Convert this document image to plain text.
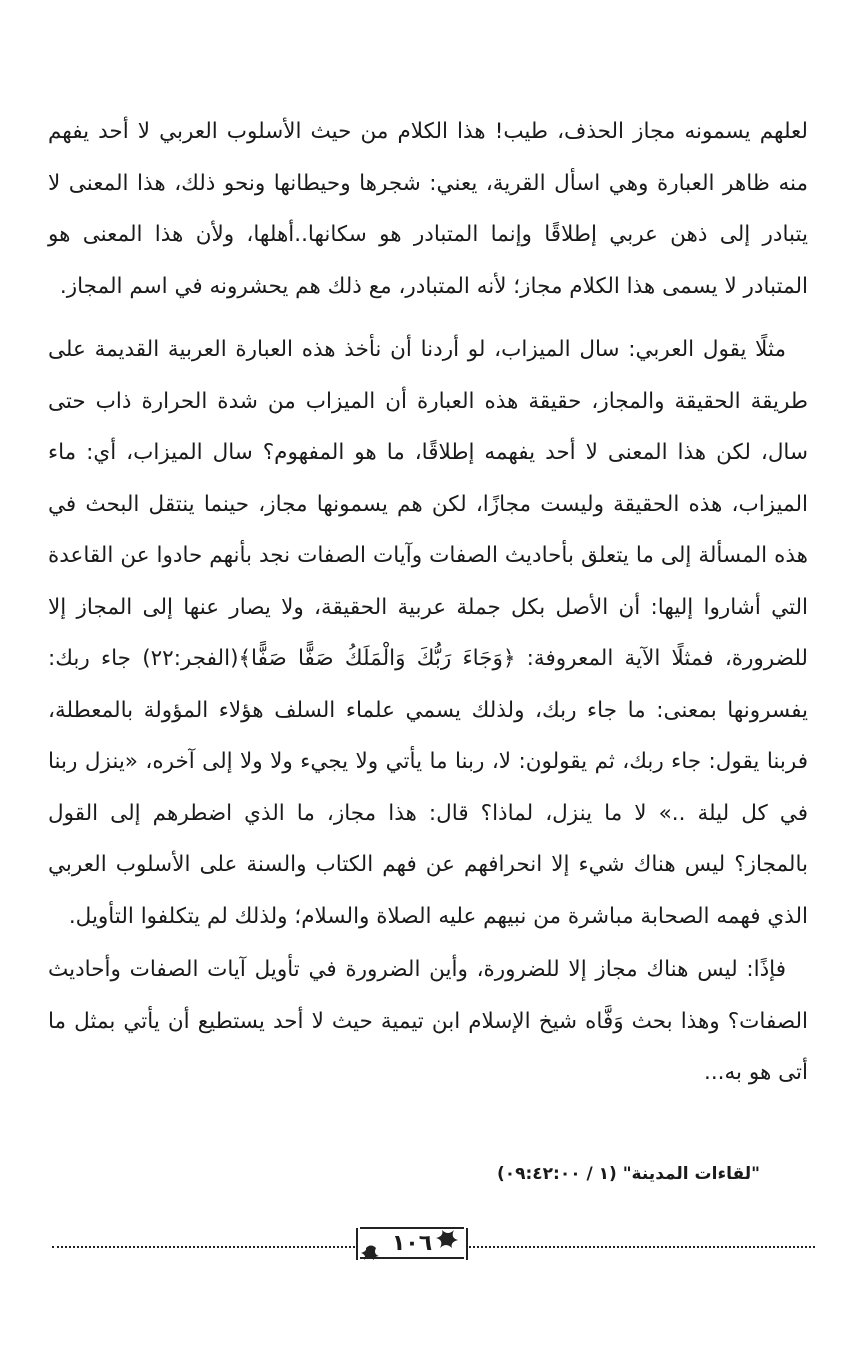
لعلهم يسمونه مجاز الحذف، طيب! هذا الكلام من حيث الأسلوب العربي لا أحد يفهم منه ظاهر العبارة وهي اسأل القرية، يعني: شجرها وحيطانها ونحو ذلك، هذا المعنى لا يتبادر إلى ذهن عربي إطلاقًا وإنما المتبادر هو سكانها..أهلها، ولأن هذا المعنى هو المتبادر لا يسمى هذا الكلام مجاز؛ لأنه المتبادر، مع ذلك هم يحشرونه في اسم المجاز.

مثلًا يقول العربي: سال الميزاب، لو أردنا أن نأخذ هذه العبارة العربية القديمة على طريقة الحقيقة والمجاز، حقيقة هذه العبارة أن الميزاب من شدة الحرارة ذاب حتى سال، لكن هذا المعنى لا أحد يفهمه إطلاقًا، ما هو المفهوم؟ سال الميزاب، أي: ماء الميزاب، هذه الحقيقة وليست مجازًا، لكن هم يسمونها مجاز، حينما ينتقل البحث في هذه المسألة إلى ما يتعلق بأحاديث الصفات وآيات الصفات نجد بأنهم حادوا عن القاعدة التي أشاروا إليها: أن الأصل بكل جملة عربية الحقيقة، ولا يصار عنها إلى المجاز إلا للضرورة، فمثلًا الآية المعروفة: ﴿وَجَاءَ رَبُّكَ وَالْمَلَكُ صَفًّا صَفًّا﴾(الفجر:٢٢) جاء ربك: يفسرونها بمعنى: ما جاء ربك، ولذلك يسمي علماء السلف هؤلاء المؤولة بالمعطلة، فربنا يقول: جاء ربك، ثم يقولون: لا، ربنا ما يأتي ولا يجيء ولا ولا إلى آخره، «ينزل ربنا في كل ليلة ..» لا ما ينزل، لماذا؟ قال: هذا مجاز، ما الذي اضطرهم إلى القول بالمجاز؟ ليس هناك شيء إلا انحرافهم عن فهم الكتاب والسنة على الأسلوب العربي الذي فهمه الصحابة مباشرة من نبيهم عليه الصلاة والسلام؛ ولذلك لم يتكلفوا التأويل.

فإذًا: ليس هناك مجاز إلا للضرورة، وأين الضرورة في تأويل آيات الصفات وأحاديث الصفات؟ وهذا بحث وَفَّاه شيخ الإسلام ابن تيمية حيث لا أحد يستطيع أن يأتي بمثل ما أتى هو به...

"لقاءات المدينة" (١ / ٠٩:٤٢:٠٠)
١٠٦
